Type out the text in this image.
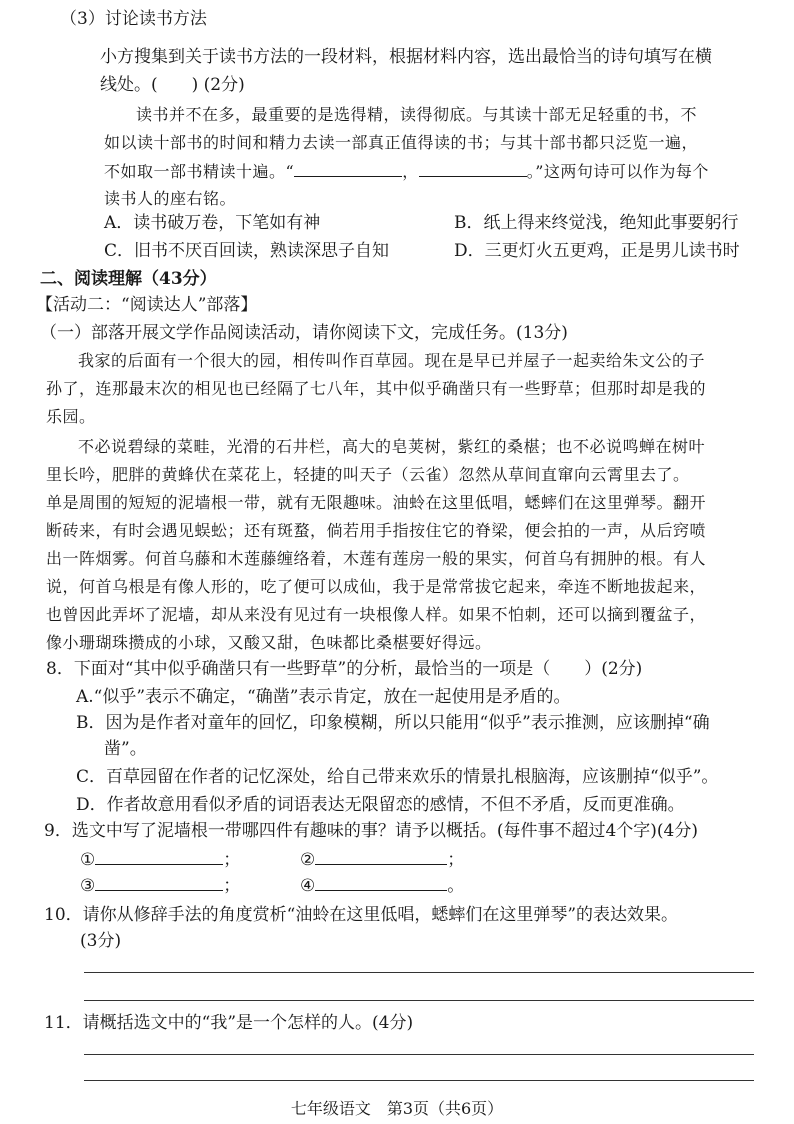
（3）讨论读书方法
小方搜集到关于读书方法的一段材料，根据材料内容，选出最恰当的诗句填写在横
线处。(　　) (2分)
读书并不在多，最重要的是选得精，读得彻底。与其读十部无足轻重的书，不
如以读十部书的时间和精力去读一部真正值得读的书；与其十部书都只泛览一遍，
不如取一部书精读十遍。“	，	。”这两句诗可以作为每个
读书人的座右铭。
A．读书破万卷，下笔如有神	B．纸上得来终觉浅，绝知此事要躬行
C．旧书不厌百回读，熟读深思子自知	D．三更灯火五更鸡，正是男儿读书时
二、阅读理解（43分）
【活动二：“阅读达人”部落】
（一）部落开展文学作品阅读活动，请你阅读下文，完成任务。(13分)
我家的后面有一个很大的园，相传叫作百草园。现在是早已并屋子一起卖给朱文公的子
孙了，连那最末次的相见也已经隔了七八年，其中似乎确凿只有一些野草；但那时却是我的
乐园。
不必说碧绿的菜畦，光滑的石井栏，高大的皂荚树，紫红的桑椹；也不必说鸣蝉在树叶
里长吟，肥胖的黄蜂伏在菜花上，轻捷的叫天子（云雀）忽然从草间直窜向云霄里去了。
单是周围的短短的泥墙根一带，就有无限趣味。油蛉在这里低唱，蟋蟀们在这里弹琴。翻开
断砖来，有时会遇见蜈蚣；还有斑蝥，倘若用手指按住它的脊梁，便会拍的一声，从后窍喷
出一阵烟雾。何首乌藤和木莲藤缠络着，木莲有莲房一般的果实，何首乌有拥肿的根。有人
说，何首乌根是有像人形的，吃了便可以成仙，我于是常常拔它起来，牵连不断地拔起来，
也曾因此弄坏了泥墙，却从来没有见过有一块根像人样。如果不怕刺，还可以摘到覆盆子，
像小珊瑚珠攒成的小球，又酸又甜，色味都比桑椹要好得远。
8．下面对“其中似乎确凿只有一些野草”的分析，最恰当的一项是（　　）(2分)
A.“似乎”表示不确定，“确凿”表示肯定，放在一起使用是矛盾的。
B．因为是作者对童年的回忆，印象模糊，所以只能用“似乎”表示推测，应该删掉“确
凿”。
C．百草园留在作者的记忆深处，给自己带来欢乐的情景扎根脑海，应该删掉“似乎”。
D．作者故意用看似矛盾的词语表达无限留恋的感情，不但不矛盾，反而更准确。
9．选文中写了泥墙根一带哪四件有趣味的事？请予以概括。(每件事不超过4个字)(4分)
①	；	②	；
③	；	④	。
10．请你从修辞手法的角度赏析“油蛉在这里低唱，蟋蟀们在这里弹琴”的表达效果。
(3分)
11．请概括选文中的“我”是一个怎样的人。(4分)
七年级语文　第3页（共6页）
